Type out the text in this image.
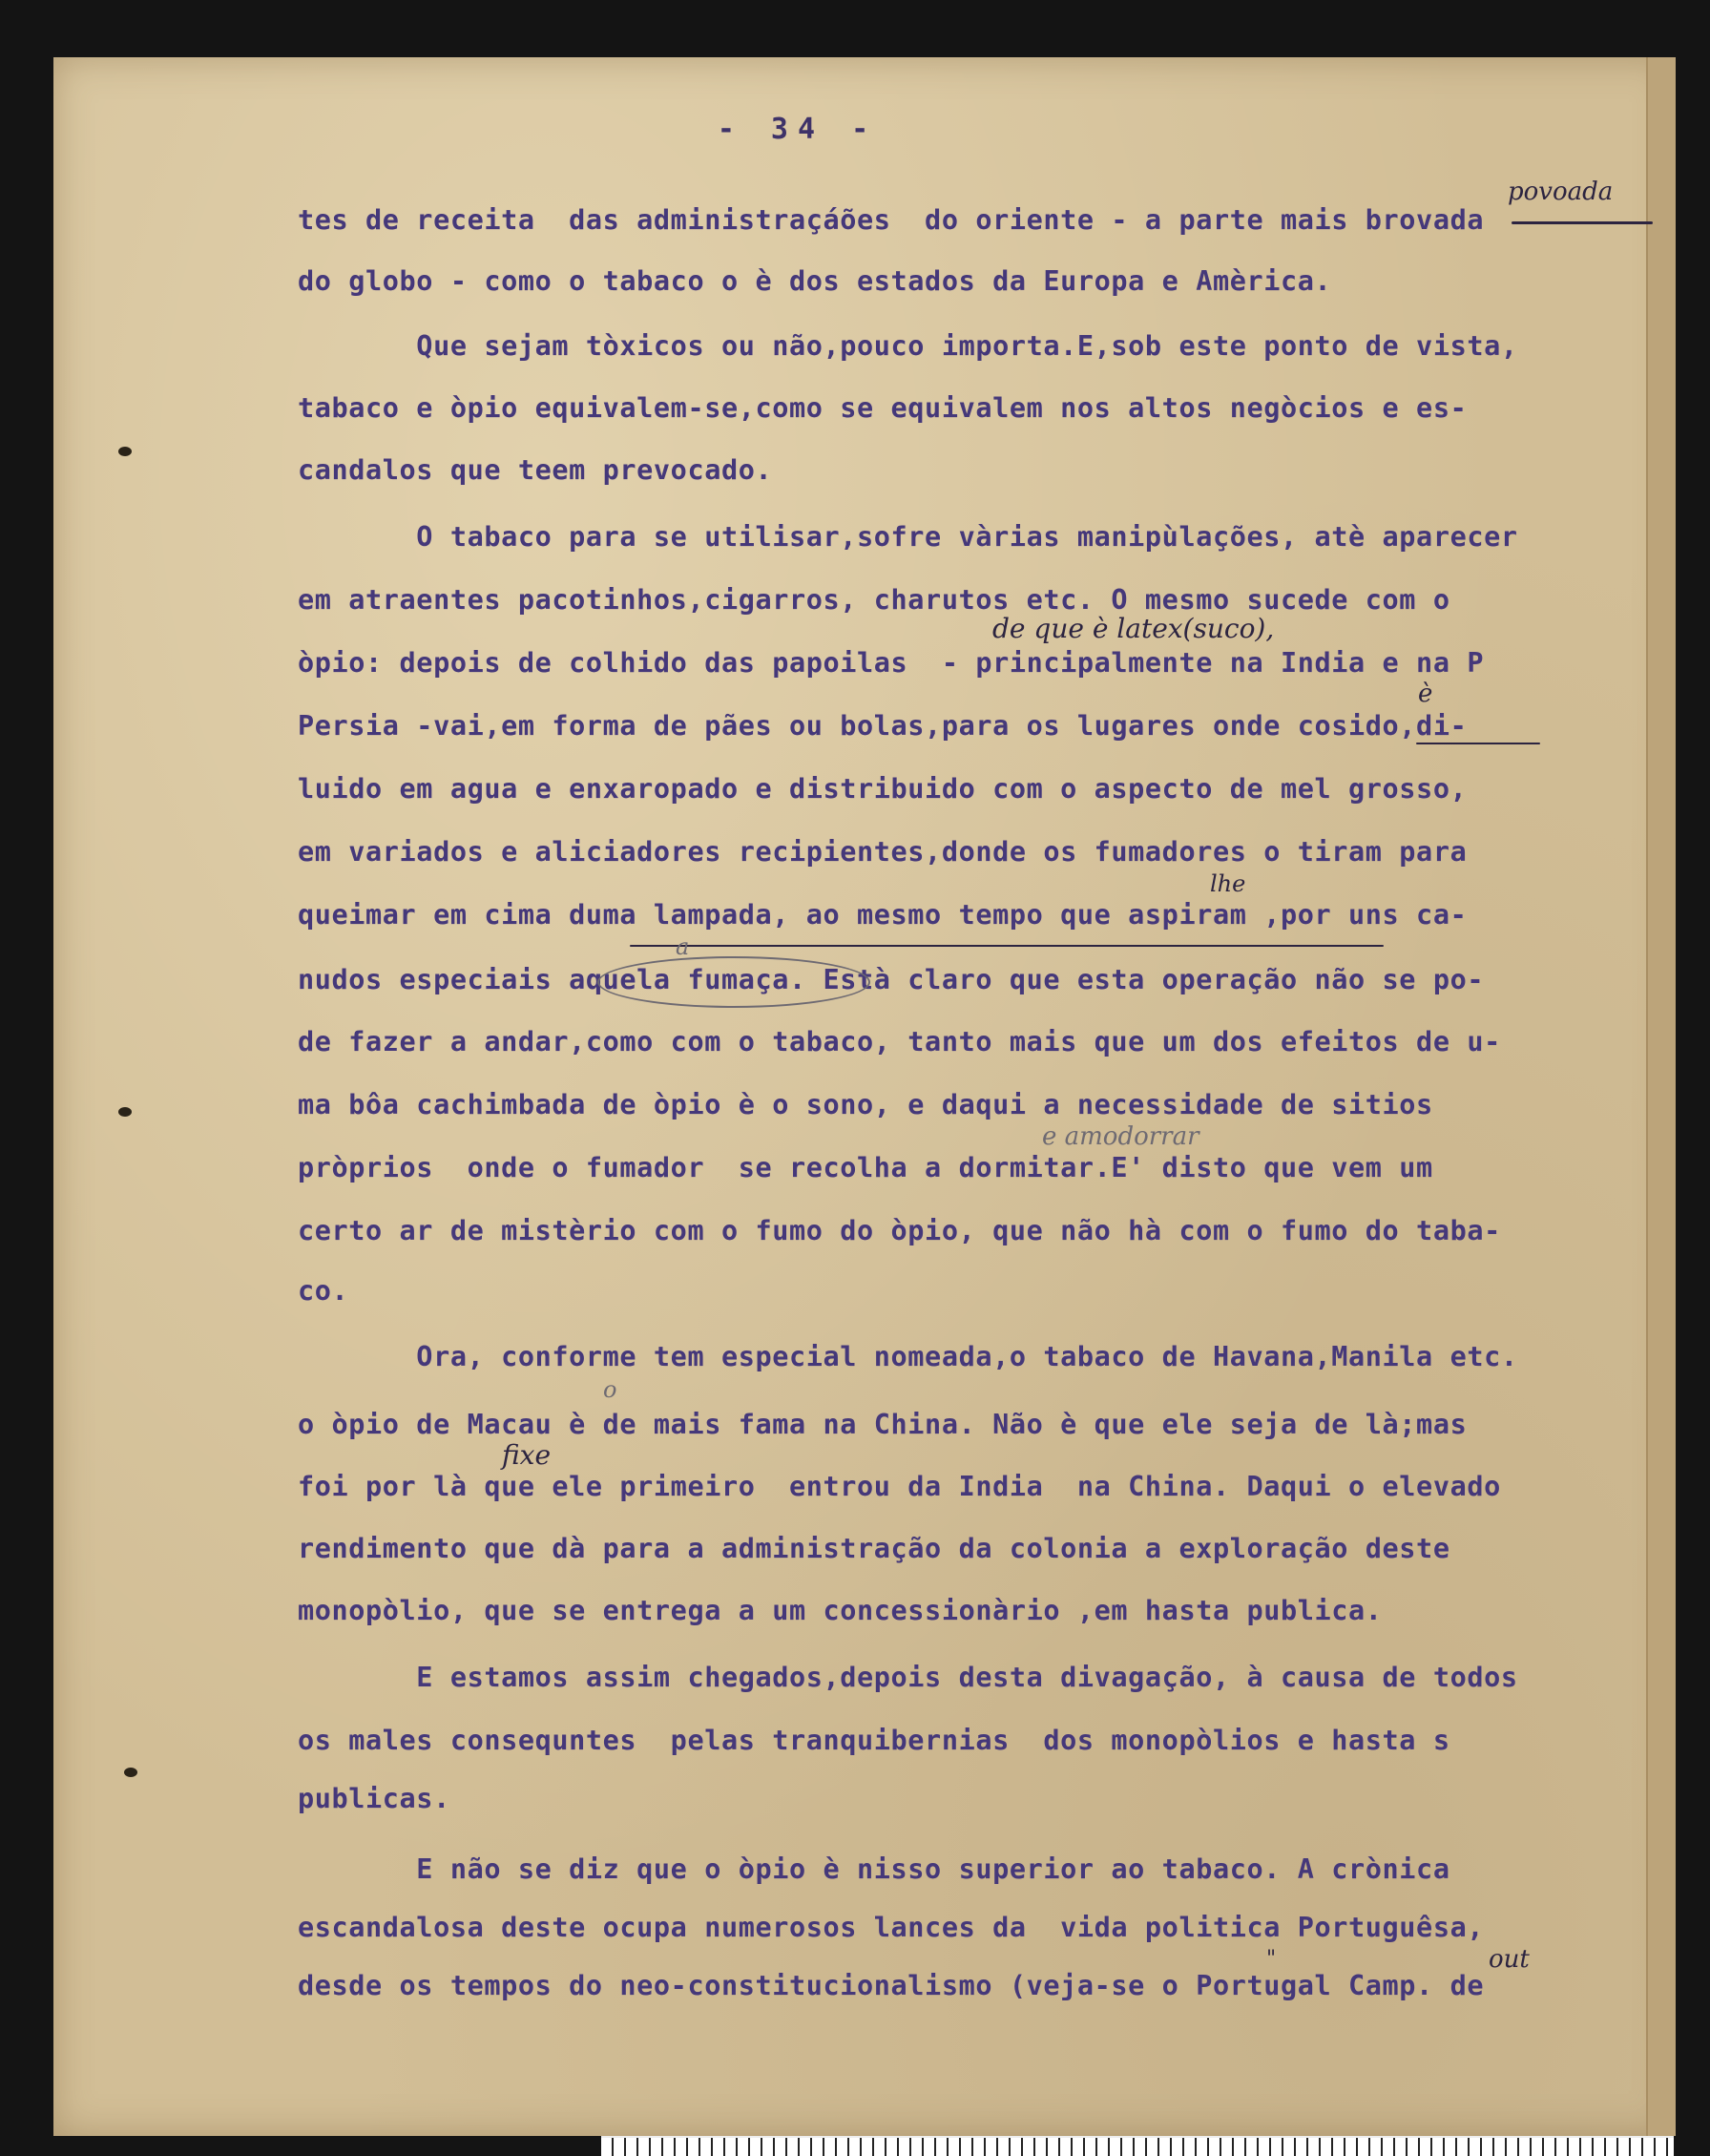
- 34 -
tes de receita  das administraçáões  do oriente - a parte mais brovada
do globo - como o tabaco o è dos estados da Europa e Amèrica.
Que sejam tòxicos ou não,pouco importa.E,sob este ponto de vista,
tabaco e òpio equivalem-se,como se equivalem nos altos negòcios e es-
candalos que teem prevocado.
O tabaco para se utilisar,sofre vàrias manipùlações, atè aparecer
em atraentes pacotinhos,cigarros, charutos etc. O mesmo sucede com o
òpio: depois de colhido das papoilas  - principalmente na India e na P
Persia -vai,em forma de pães ou bolas,para os lugares onde cosido,di-
luido em agua e enxaropado e distribuido com o aspecto de mel grosso,
em variados e aliciadores recipientes,donde os fumadores o tiram para
queimar em cima duma lampada, ao mesmo tempo que aspiram ,por uns ca-
nudos especiais aquela fumaça. Està claro que esta operação não se po-
de fazer a andar,como com o tabaco, tanto mais que um dos efeitos de u-
ma bôa cachimbada de òpio è o sono, e daqui a necessidade de sitios
pròprios  onde o fumador  se recolha a dormitar.E' disto que vem um
certo ar de mistèrio com o fumo do òpio, que não hà com o fumo do taba-
co.
Ora, conforme tem especial nomeada,o tabaco de Havana,Manila etc.
o òpio de Macau è de mais fama na China. Não è que ele seja de là;mas
foi por là que ele primeiro  entrou da India  na China. Daqui o elevado
rendimento que dà para a administração da colonia a exploração deste
monopòlio, que se entrega a um concessionàrio ,em hasta publica.
E estamos assim chegados,depois desta divagação, à causa de todos
os males consequntes  pelas tranquibernias  dos monopòlios e hasta s
publicas.
E não se diz que o òpio è nisso superior ao tabaco. A crònica
escandalosa deste ocupa numerosos lances da  vida politica Portuguêsa,
desde os tempos do neo-constitucionalismo (veja-se o Portugal Camp. de
povoada
de que è latex(suco),
è
lhe
a
e amodorrar
o
fixe
"	out
